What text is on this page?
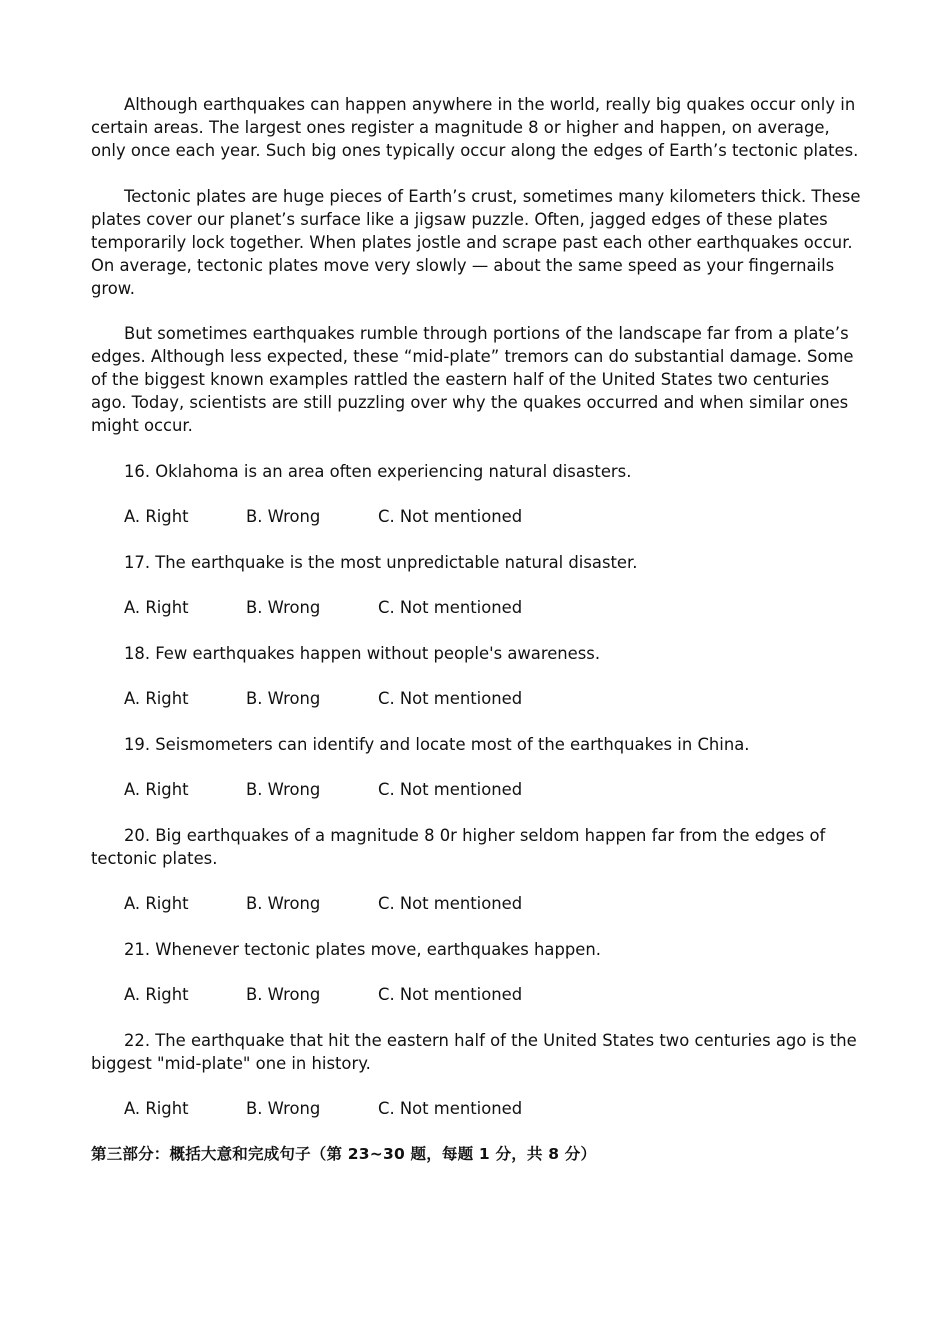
Although earthquakes can happen anywhere in the world, really big quakes occur only in certain areas. The largest ones register a magnitude 8 or higher and happen, on average, only once each year. Such big ones typically occur along the edges of Earth’s tectonic plates.

Tectonic plates are huge pieces of Earth’s crust, sometimes many kilometers thick. These plates cover our planet’s surface like a jigsaw puzzle. Often, jagged edges of these plates temporarily lock together. When plates jostle and scrape past each other earthquakes occur. On average, tectonic plates move very slowly — about the same speed as your fingernails grow.

But sometimes earthquakes rumble through portions of the landscape far from a plate’s edges. Although less expected, these “mid-plate” tremors can do substantial damage. Some of the biggest known examples rattled the eastern half of the United States two centuries ago. Today, scientists are still puzzling over why the quakes occurred and when similar ones might occur.

16. Oklahoma is an area often experiencing natural disasters.

A. Right	B. Wrong	C. Not mentioned

17. The earthquake is the most unpredictable natural disaster.

A. Right	B. Wrong	C. Not mentioned

18. Few earthquakes happen without people's awareness.

A. Right	B. Wrong	C. Not mentioned

19. Seismometers can identify and locate most of the earthquakes in China.

A. Right	B. Wrong	C. Not mentioned

20. Big earthquakes of a magnitude 8 0r higher seldom happen far from the edges of tectonic plates.

A. Right	B. Wrong	C. Not mentioned

21. Whenever tectonic plates move, earthquakes happen.

A. Right	B. Wrong	C. Not mentioned

22. The earthquake that hit the eastern half of the United States two centuries ago is the biggest "mid-plate" one in history.

A. Right	B. Wrong	C. Not mentioned

第三部分：概括大意和完成句子（第 23~30 题，每题 1 分，共 8 分）
